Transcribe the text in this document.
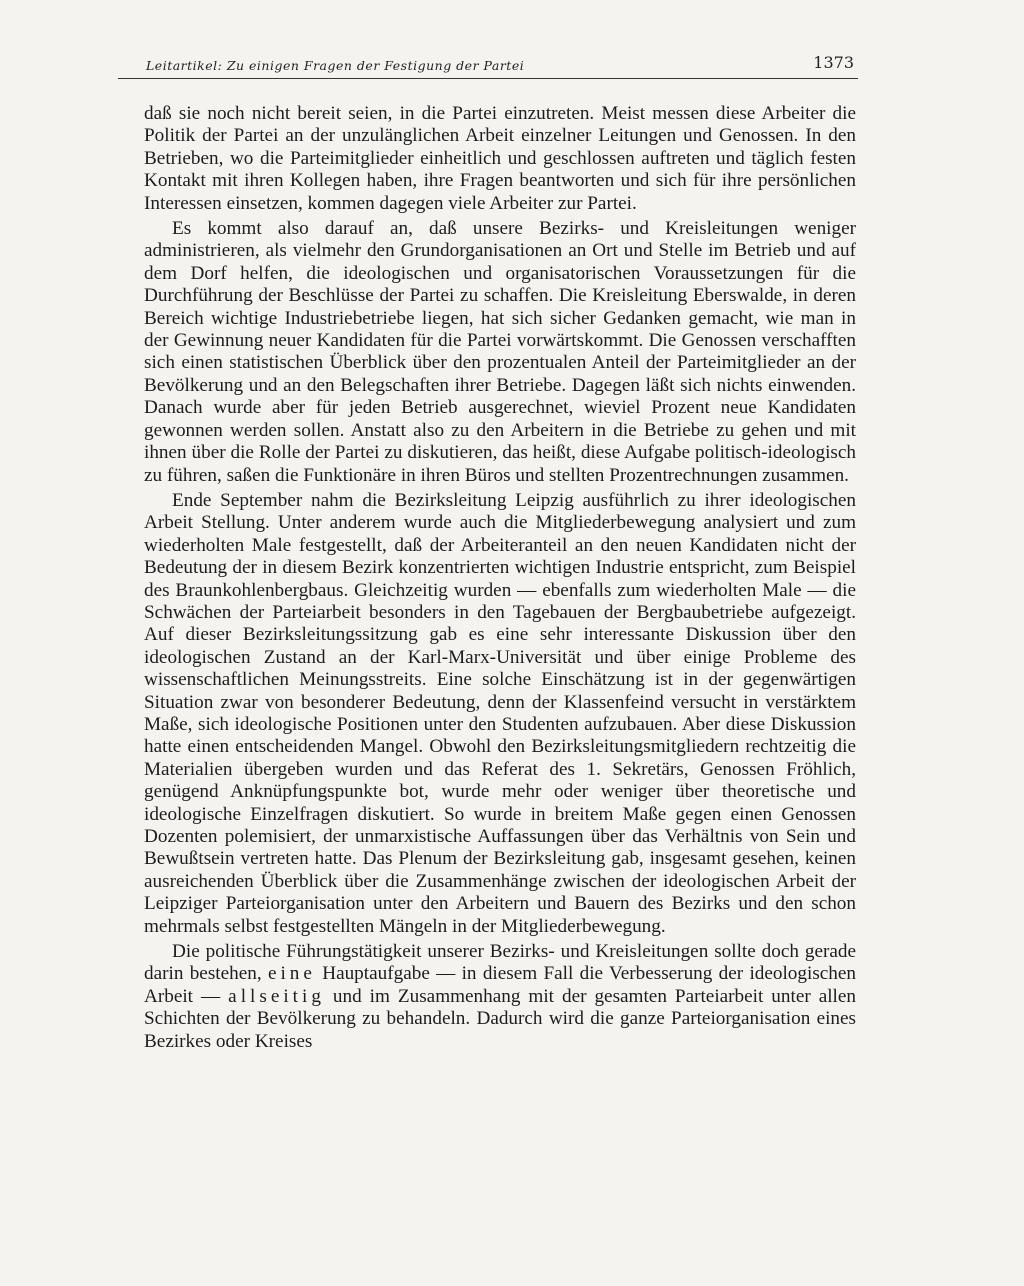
Leitartikel: Zu einigen Fragen der Festigung der Partei	1373

daß sie noch nicht bereit seien, in die Partei einzutreten. Meist messen diese Arbeiter die Politik der Partei an der unzulänglichen Arbeit einzelner Leitungen und Genossen. In den Betrieben, wo die Parteimitglieder einheitlich und geschlossen auftreten und täglich festen Kontakt mit ihren Kollegen haben, ihre Fragen beantworten und sich für ihre persönlichen Interessen einsetzen, kommen dagegen viele Arbeiter zur Partei.

Es kommt also darauf an, daß unsere Bezirks- und Kreisleitungen weniger administrieren, als vielmehr den Grundorganisationen an Ort und Stelle im Betrieb und auf dem Dorf helfen, die ideologischen und organisatorischen Voraussetzungen für die Durchführung der Beschlüsse der Partei zu schaffen. Die Kreisleitung Eberswalde, in deren Bereich wichtige Industriebetriebe liegen, hat sich sicher Gedanken gemacht, wie man in der Gewinnung neuer Kandidaten für die Partei vorwärtskommt. Die Genossen verschafften sich einen statistischen Überblick über den prozentualen Anteil der Parteimitglieder an der Bevölkerung und an den Belegschaften ihrer Betriebe. Dagegen läßt sich nichts einwenden. Danach wurde aber für jeden Betrieb ausgerechnet, wieviel Prozent neue Kandidaten gewonnen werden sollen. Anstatt also zu den Arbeitern in die Betriebe zu gehen und mit ihnen über die Rolle der Partei zu diskutieren, das heißt, diese Aufgabe politisch-ideologisch zu führen, saßen die Funktionäre in ihren Büros und stellten Prozentrechnungen zusammen.

Ende September nahm die Bezirksleitung Leipzig ausführlich zu ihrer ideologischen Arbeit Stellung. Unter anderem wurde auch die Mitgliederbewegung analysiert und zum wiederholten Male festgestellt, daß der Arbeiteranteil an den neuen Kandidaten nicht der Bedeutung der in diesem Bezirk konzentrierten wichtigen Industrie entspricht, zum Beispiel des Braunkohlenbergbaus. Gleichzeitig wurden — ebenfalls zum wiederholten Male — die Schwächen der Parteiarbeit besonders in den Tagebauen der Bergbaubetriebe aufgezeigt. Auf dieser Bezirksleitungssitzung gab es eine sehr interessante Diskussion über den ideologischen Zustand an der Karl-Marx-Universität und über einige Probleme des wissenschaftlichen Meinungsstreits. Eine solche Einschätzung ist in der gegenwärtigen Situation zwar von besonderer Bedeutung, denn der Klassenfeind versucht in verstärktem Maße, sich ideologische Positionen unter den Studenten aufzubauen. Aber diese Diskussion hatte einen entscheidenden Mangel. Obwohl den Bezirksleitungsmitgliedern rechtzeitig die Materialien übergeben wurden und das Referat des 1. Sekretärs, Genossen Fröhlich, genügend Anknüpfungspunkte bot, wurde mehr oder weniger über theoretische und ideologische Einzelfragen diskutiert. So wurde in breitem Maße gegen einen Genossen Dozenten polemisiert, der unmarxistische Auffassungen über das Verhältnis von Sein und Bewußtsein vertreten hatte. Das Plenum der Bezirksleitung gab, insgesamt gesehen, keinen ausreichenden Überblick über die Zusammenhänge zwischen der ideologischen Arbeit der Leipziger Parteiorganisation unter den Arbeitern und Bauern des Bezirks und den schon mehrmals selbst festgestellten Mängeln in der Mitgliederbewegung.

Die politische Führungstätigkeit unserer Bezirks- und Kreisleitungen sollte doch gerade darin bestehen, eine Hauptaufgabe — in diesem Fall die Verbesserung der ideologischen Arbeit — allseitig und im Zusammenhang mit der gesamten Parteiarbeit unter allen Schichten der Bevölkerung zu behandeln. Dadurch wird die ganze Parteiorganisation eines Bezirkes oder Kreises
